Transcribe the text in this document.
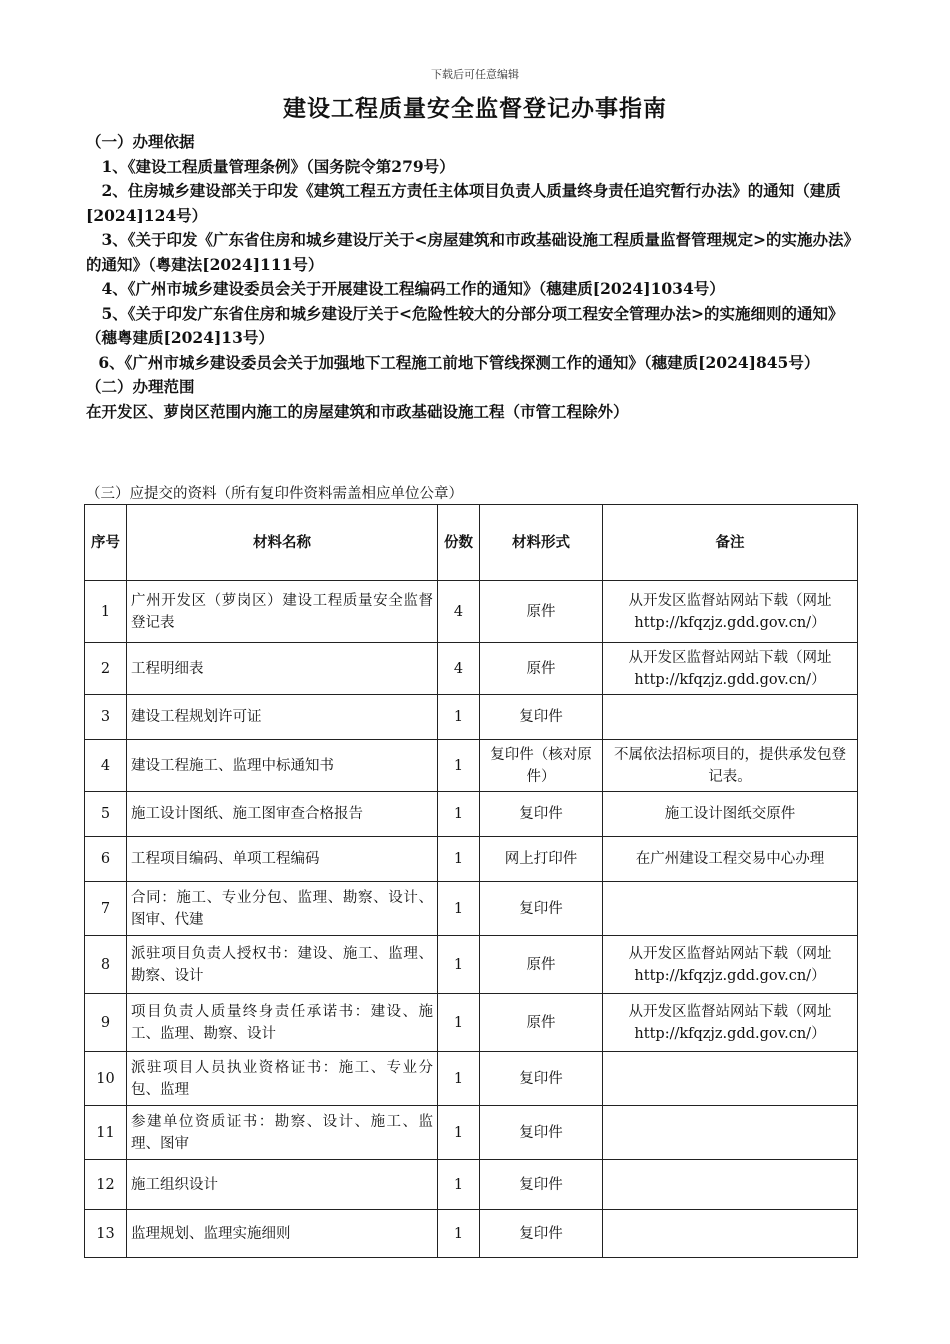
下载后可任意编辑
建设工程质量安全监督登记办事指南

（一）办理依据

1、《建设工程质量管理条例》（国务院令第279号）

2、住房城乡建设部关于印发《建筑工程五方责任主体项目负责人质量终身责任追究暂行办法》的通知（建质[2024]124号）

3、《关于印发《广东省住房和城乡建设厅关于<房屋建筑和市政基础设施工程质量监督管理规定>的实施办法》的通知》（粤建法[2024]111号）

4、《广州市城乡建设委员会关于开展建设工程编码工作的通知》（穗建质[2024]1034号）

5、《关于印发广东省住房和城乡建设厅关于<危险性较大的分部分项工程安全管理办法>的实施细则的通知》（穗粤建质[2024]13号）

6、《广州市城乡建设委员会关于加强地下工程施工前地下管线探测工作的通知》（穗建质[2024]845号）

（二）办理范围

在开发区、萝岗区范围内施工的房屋建筑和市政基础设施工程（市管工程除外）

（三）应提交的资料（所有复印件资料需盖相应单位公章）
序号	材料名称	份数	材料形式	备注
1	广州开发区（萝岗区）建设工程质量安全监督登记表	4	原件	从开发区监督站网站下载（网址http://kfqzjz.gdd.gov.cn/）
2	工程明细表	4	原件	从开发区监督站网站下载（网址http://kfqzjz.gdd.gov.cn/）
3	建设工程规划许可证	1	复印件	
4	建设工程施工、监理中标通知书	1	复印件（核对原件）	不属依法招标项目的，提供承发包登记表。
5	施工设计图纸、施工图审查合格报告	1	复印件	施工设计图纸交原件
6	工程项目编码、单项工程编码	1	网上打印件	在广州建设工程交易中心办理
7	合同：施工、专业分包、监理、勘察、设计、图审、代建	1	复印件	
8	派驻项目负责人授权书：建设、施工、监理、勘察、设计	1	原件	从开发区监督站网站下载（网址http://kfqzjz.gdd.gov.cn/）
9	项目负责人质量终身责任承诺书：建设、施工、监理、勘察、设计	1	原件	从开发区监督站网站下载（网址http://kfqzjz.gdd.gov.cn/）
10	派驻项目人员执业资格证书：施工、专业分包、监理	1	复印件	
11	参建单位资质证书：勘察、设计、施工、监理、图审	1	复印件	
12	施工组织设计	1	复印件	
13	监理规划、监理实施细则	1	复印件	
